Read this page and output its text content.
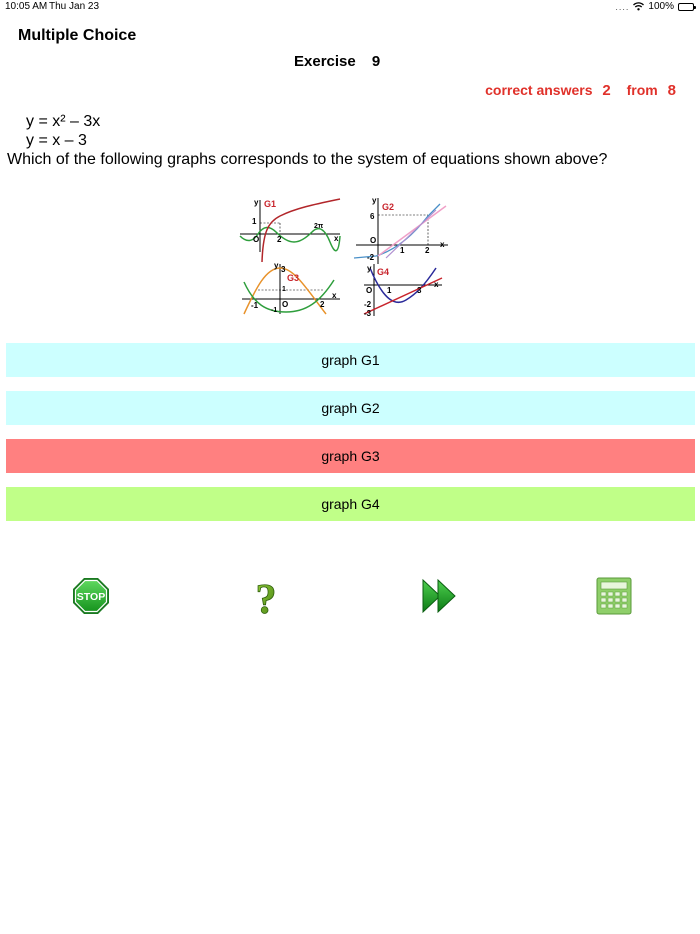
10:05 AM Thu Jan 23	.... 100%
Multiple Choice
Exercise 9
correct answers 2 from 8
y = x² – 3x
y = x – 3
Which of the following graphs corresponds to the system of equations shown above?
y G1
1
O 2
2π
x
y
G2
6
O
-2
1	2
x
y 3
G3
1
-1
-1
O	2
x
y G4
O 1	3
-2
-3
x
graph G1
graph G2
graph G3
graph G4
STOP	?
